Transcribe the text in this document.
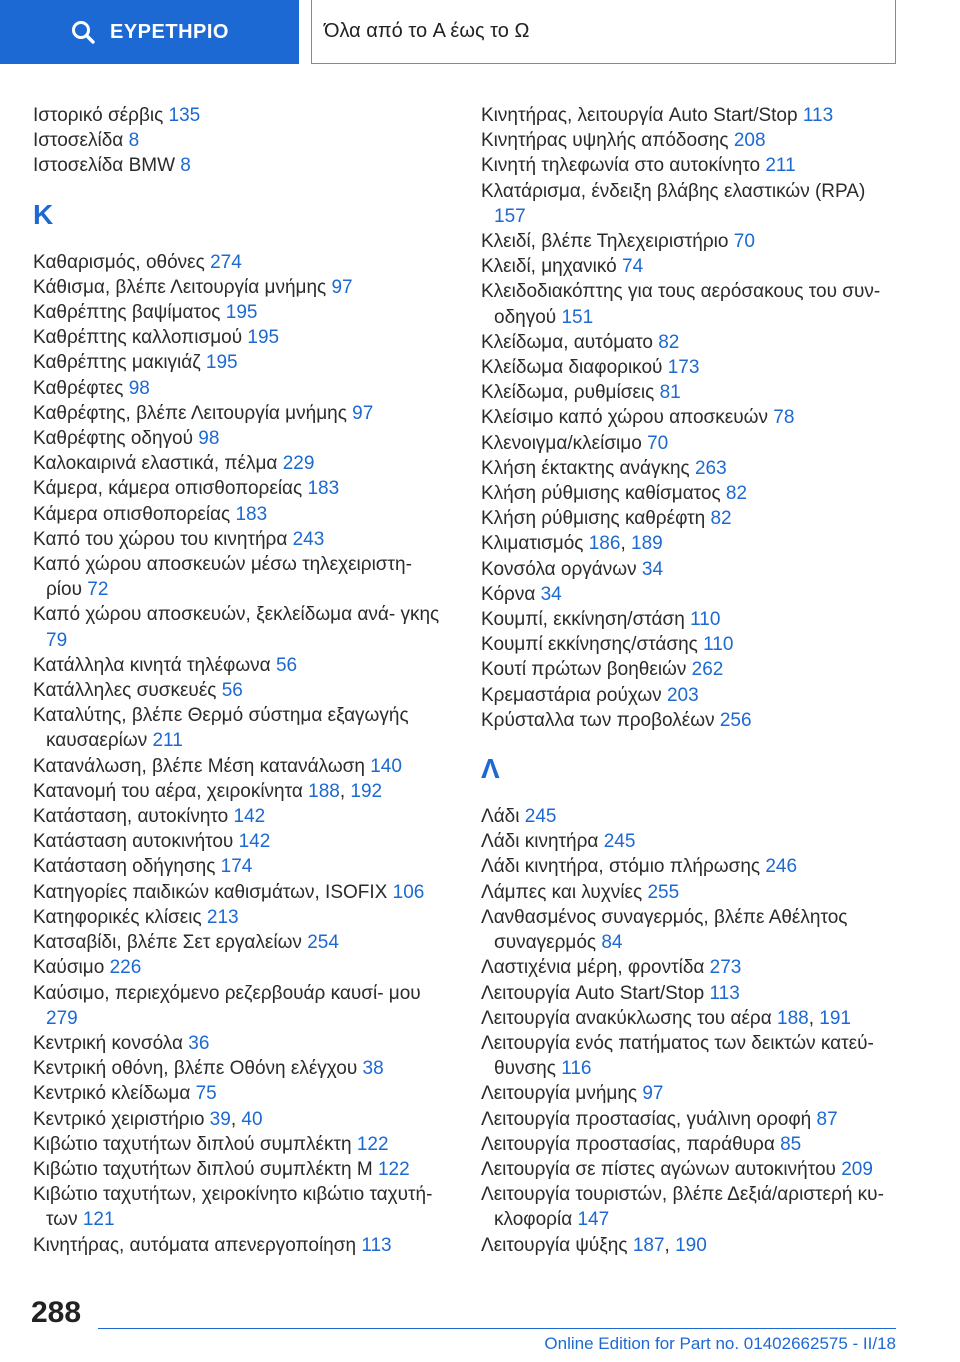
ΕΥΡΕΤΗΡΙΟ	Όλα από το A έως το Ω
Ιστορικό σέρβις 135
Ιστοσελίδα 8
Ιστοσελίδα BMW 8
K
Καθαρισμός, οθόνες 274
Κάθισμα, βλέπε Λειτουργία μνήμης 97
Καθρέπτης βαψίματος 195
Καθρέπτης καλλοπισμού 195
Καθρέπτης μακιγιάζ 195
Καθρέφτες 98
Καθρέφτης, βλέπε Λειτουργία μνήμης 97
Καθρέφτης οδηγού 98
Καλοκαιρινά ελαστικά, πέλμα 229
Κάμερα, κάμερα οπισθοπορείας 183
Κάμερα οπισθοπορείας 183
Καπό του χώρου του κινητήρα 243
Καπό χώρου αποσκευών μέσω τηλεχειριστη‐ ρίου 72
Καπό χώρου αποσκευών, ξεκλείδωμα ανά‐ γκης 79
Κατάλληλα κινητά τηλέφωνα 56
Κατάλληλες συσκευές 56
Καταλύτης, βλέπε Θερμό σύστημα εξαγωγής καυσαερίων 211
Κατανάλωση, βλέπε Μέση κατανάλωση 140
Κατανομή του αέρα, χειροκίνητα 188, 192
Κατάσταση, αυτοκίνητο 142
Κατάσταση αυτοκινήτου 142
Κατάσταση οδήγησης 174
Κατηγορίες παιδικών καθισμάτων, ISOFIX 106
Κατηφορικές κλίσεις 213
Κατσαβίδι, βλέπε Σετ εργαλείων 254
Καύσιμο 226
Καύσιμο, περιεχόμενο ρεζερβουάρ καυσί‐ μου 279
Κεντρική κονσόλα 36
Κεντρική οθόνη, βλέπε Οθόνη ελέγχου 38
Κεντρικό κλείδωμα 75
Κεντρικό χειριστήριο 39, 40
Κιβώτιο ταχυτήτων διπλού συμπλέκτη 122
Κιβώτιο ταχυτήτων διπλού συμπλέκτη M 122
Κιβώτιο ταχυτήτων, χειροκίνητο κιβώτιο ταχυτή‐ των 121
Κινητήρας, αυτόματα απενεργοποίηση 113
Κινητήρας, λειτουργία Auto Start/Stop 113
Κινητήρας υψηλής απόδοσης 208
Κινητή τηλεφωνία στο αυτοκίνητο 211
Κλατάρισμα, ένδειξη βλάβης ελαστικών (RPA) 157
Κλειδί, βλέπε Τηλεχειριστήριο 70
Κλειδί, μηχανικό 74
Κλειδοδιακόπτης για τους αερόσακους του συν‐ οδηγού 151
Κλείδωμα, αυτόματο 82
Κλείδωμα διαφορικού 173
Κλείδωμα, ρυθμίσεις 81
Κλείσιμο καπό χώρου αποσκευών 78
Κλενοιγμα/κλείσιμο 70
Κλήση έκτακτης ανάγκης 263
Κλήση ρύθμισης καθίσματος 82
Κλήση ρύθμισης καθρέφτη 82
Κλιματισμός 186, 189
Κονσόλα οργάνων 34
Κόρνα 34
Κουμπί, εκκίνηση/στάση 110
Κουμπί εκκίνησης/στάσης 110
Κουτί πρώτων βοηθειών 262
Κρεμαστάρια ρούχων 203
Κρύσταλλα των προβολέων 256
Λ
Λάδι 245
Λάδι κινητήρα 245
Λάδι κινητήρα, στόμιο πλήρωσης 246
Λάμπες και λυχνίες 255
Λανθασμένος συναγερμός, βλέπε Αθέλητος συναγερμός 84
Λαστιχένια μέρη, φροντίδα 273
Λειτουργία Auto Start/Stop 113
Λειτουργία ανακύκλωσης του αέρα 188, 191
Λειτουργία ενός πατήματος των δεικτών κατεύ‐ θυνσης 116
Λειτουργία μνήμης 97
Λειτουργία προστασίας, γυάλινη οροφή 87
Λειτουργία προστασίας, παράθυρα 85
Λειτουργία σε πίστες αγώνων αυτοκινήτου 209
Λειτουργία τουριστών, βλέπε Δεξιά/αριστερή κυ‐ κλοφορία 147
Λειτουργία ψύξης 187, 190
288
Online Edition for Part no. 01402662575 - II/18
